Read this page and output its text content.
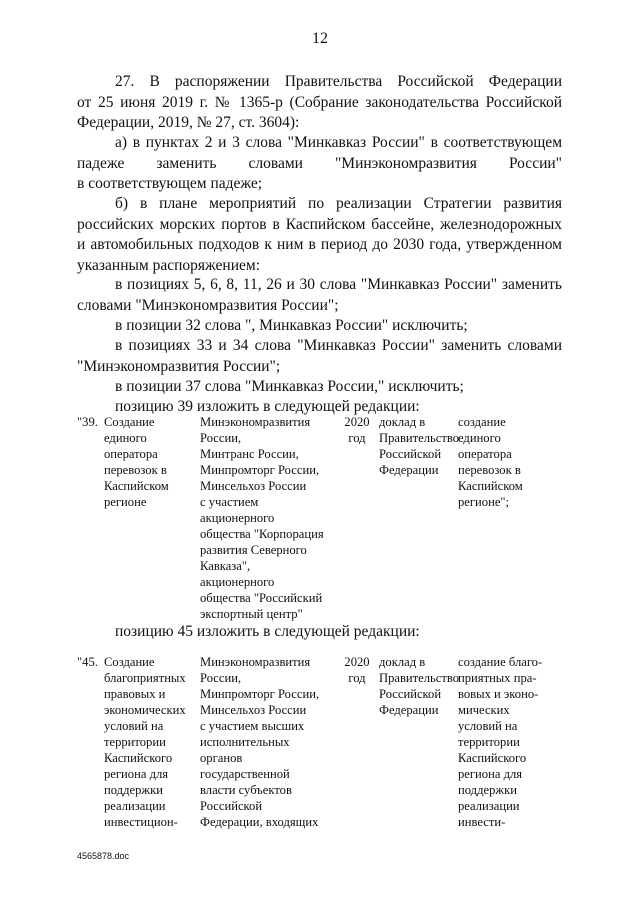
12
27. В распоряжении Правительства Российской Федерации
от 25 июня 2019 г. № 1365-р (Собрание законодательства Российской
Федерации, 2019, № 27, ст. 3604):
а) в пунктах 2 и 3 слова "Минкавказ России" в соответствующем
падеже заменить словами "Минэкономразвития России"
в соответствующем падеже;
б) в плане мероприятий по реализации Стратегии развития
российских морских портов в Каспийском бассейне, железнодорожных
и автомобильных подходов к ним в период до 2030 года, утвержденном
указанным распоряжением:
в позициях 5, 6, 8, 11, 26 и 30 слова "Минкавказ России" заменить
словами "Минэкономразвития России";
в позиции 32 слова ", Минкавказ России" исключить;
в позициях 33 и 34 слова "Минкавказ России" заменить словами
"Минэкономразвития России";
в позиции 37 слова "Минкавказ России," исключить;
позицию 39 изложить в следующей редакции:
"39. Создание
единого
оператора
перевозок в
Каспийском
регионе
Минэкономразвития
России,
Минтранс России,
Минпромторг России,
Минсельхоз России
с участием
акционерного
общества "Корпорация
развития Северного
Кавказа",
акционерного
общества "Российский
экспортный центр"
2020
год
доклад в
Правительство
Российской
Федерации
создание
единого
оператора
перевозок в
Каспийском
регионе";
позицию 45 изложить в следующей редакции:
"45. Создание
благоприятных
правовых и
экономических
условий на
территории
Каспийского
региона для
поддержки
реализации
инвестицион-
Минэкономразвития
России,
Минпромторг России,
Минсельхоз России
с участием высших
исполнительных
органов
государственной
власти субъектов
Российской
Федерации, входящих
2020
год
доклад в
Правительство
Российской
Федерации
создание благо-
приятных пра-
вовых и эконо-
мических
условий на
территории
Каспийского
региона для
поддержки
реализации
инвести-
4565878.doc
